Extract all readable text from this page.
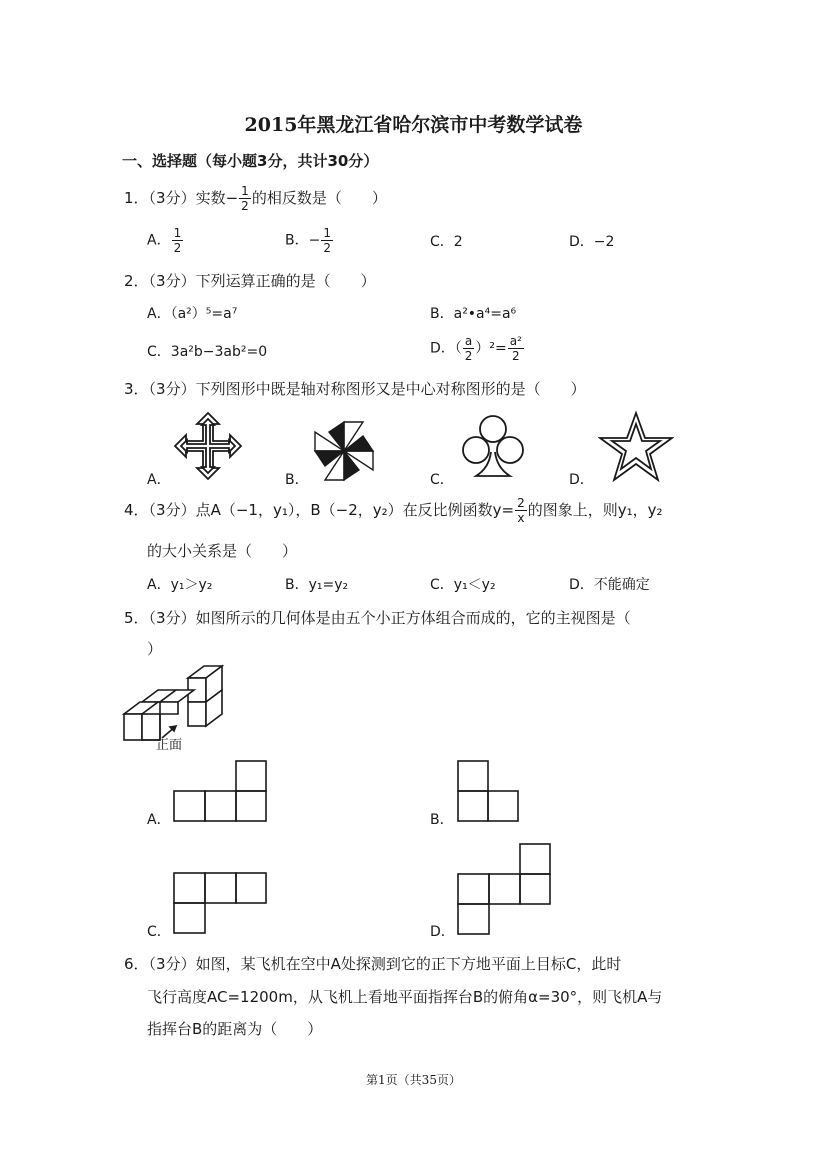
2015年黑龙江省哈尔滨市中考数学试卷
一、选择题（每小题3分，共计30分）
1．（3分）实数− $\frac{1}{2}$ 的相反数是（　　）
A． $\frac{1}{2}$	B．− $\frac{1}{2}$	C．2	D．−2
2．（3分）下列运算正确的是（　　）
A．（a²）⁵=a⁷	B．a²•a⁴=a⁶
C．3a²b−3ab²=0	D．（ $\frac{a}{2} )^2= \frac{\text{a²}}{2}$
3．（3分）下列图形中既是轴对称图形又是中心对称图形的是（　　）
A．	B．	C．	D．
4．（3分）点A（−1，y₁），B（−2，y₂）在反比例函数$y= \frac{2}{x}$ 的图象上，则y₁，y₂
的大小关系是（　　）
A．y₁＞y₂	B．y₁=y₂	C．y₁＜y₂	D．不能确定
5．（3分）如图所示的几何体是由五个小正方体组合而成的，它的主视图是（
）
正面
A．	B．
C．	D．
6．（3分）如图，某飞机在空中A处探测到它的正下方地平面上目标C，此时
飞行高度AC=1200m，从飞机上看地平面指挥台B的俯角α=30°，则飞机A与
指挥台B的距离为（　　）
第1页（共35页）
